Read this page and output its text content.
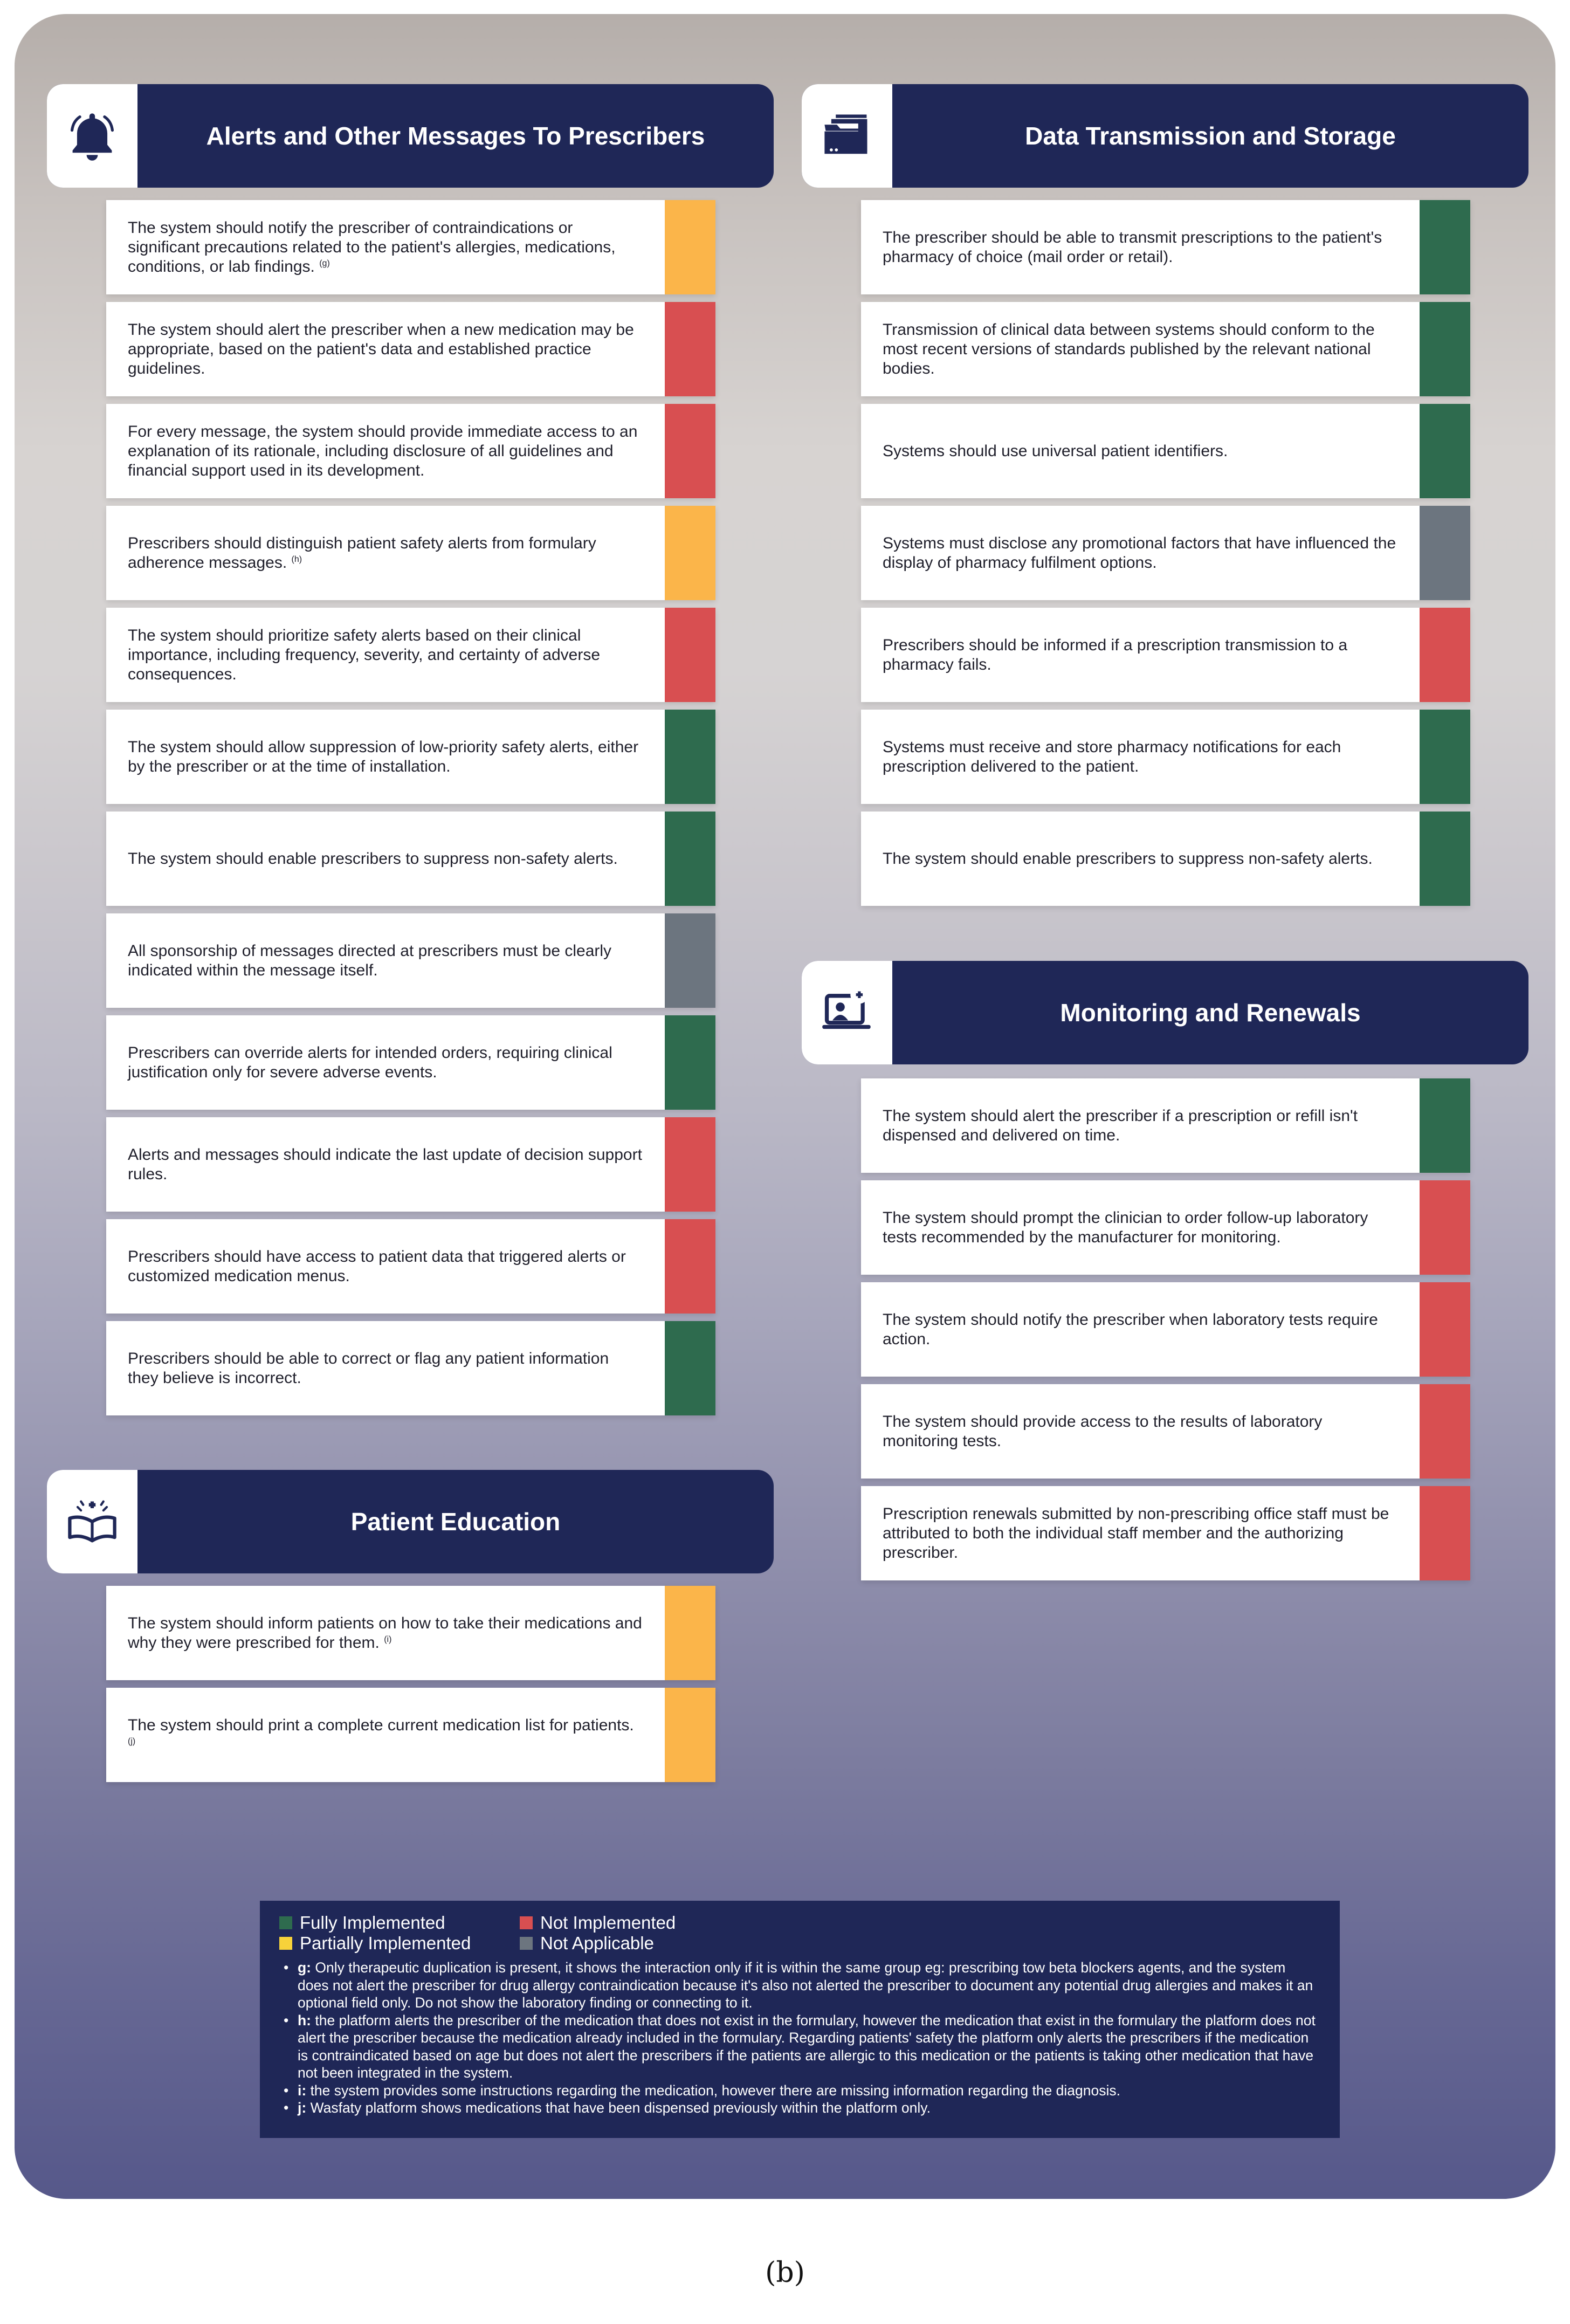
Alerts and Other Messages To Prescribers
The system should notify the prescriber of contraindications or significant precautions related to the patient's allergies, medications, conditions, or lab findings. $^{(g)}$
The system should alert the prescriber when a new medication may be appropriate, based on the patient's data and established practice guidelines.
For every message, the system should provide immediate access to an explanation of its rationale, including disclosure of all guidelines and financial support used in its development.
Prescribers should distinguish patient safety alerts from formulary adherence messages. $^{(h)}$
The system should prioritize safety alerts based on their clinical importance, including frequency, severity, and certainty of adverse consequences.
The system should allow suppression of low-priority safety alerts, either by the prescriber or at the time of installation.
The system should enable prescribers to suppress non-safety alerts.
All sponsorship of messages directed at prescribers must be clearly indicated within the message itself.
Prescribers can override alerts for intended orders, requiring clinical justification only for severe adverse events.
Alerts and messages should indicate the last update of decision support rules.
Prescribers should have access to patient data that triggered alerts or customized medication menus.
Prescribers should be able to correct or flag any patient information they believe is incorrect.
Data Transmission and Storage
The prescriber should be able to transmit prescriptions to the patient's pharmacy of choice (mail order or retail).
Transmission of clinical data between systems should conform to the most recent versions of standards published by the relevant national bodies.
Systems should use universal patient identifiers.
Systems must disclose any promotional factors that have influenced the display of pharmacy fulfilment options.
Prescribers should be informed if a prescription transmission to a pharmacy fails.
Systems must receive and store pharmacy notifications for each prescription delivered to the patient.
The system should enable prescribers to suppress non-safety alerts.
Monitoring and Renewals
The system should alert the prescriber if a prescription or refill isn't dispensed and delivered on time.
The system should prompt the clinician to order follow-up laboratory tests recommended by the manufacturer for monitoring.
The system should notify the prescriber when laboratory tests require action.
The system should provide access to the results of laboratory monitoring tests.
Prescription renewals submitted by non-prescribing office staff must be attributed to both the individual staff member and the authorizing prescriber.
Patient Education
The system should inform patients on how to take their medications and why they were prescribed for them. $^{(i)}$
The system should print a complete current medication list for patients. $^{(j)}$
Fully Implemented	Not Implemented
Partially Implemented	Not Applicable
• g: Only therapeutic duplication is present, it shows the interaction only if it is within the same group eg: prescribing tow beta blockers agents, and the system does not alert the prescriber for drug allergy contraindication because it's also not alerted the prescriber to document any potential drug allergies and makes it an optional field only. Do not show the laboratory finding or connecting to it.
• h: the platform alerts the prescriber of the medication that does not exist in the formulary, however the medication that exist in the formulary the platform does not alert the prescriber because the medication already included in the formulary. Regarding patients' safety the platform only alerts the prescribers if the medication is contraindicated based on age but does not alert the prescribers if the patients are allergic to this medication or the patients is taking other medication that have not been integrated in the system.
• i: the system provides some instructions regarding the medication, however there are missing information regarding the diagnosis.
• j: Wasfaty platform shows medications that have been dispensed previously within the platform only.
(b)
